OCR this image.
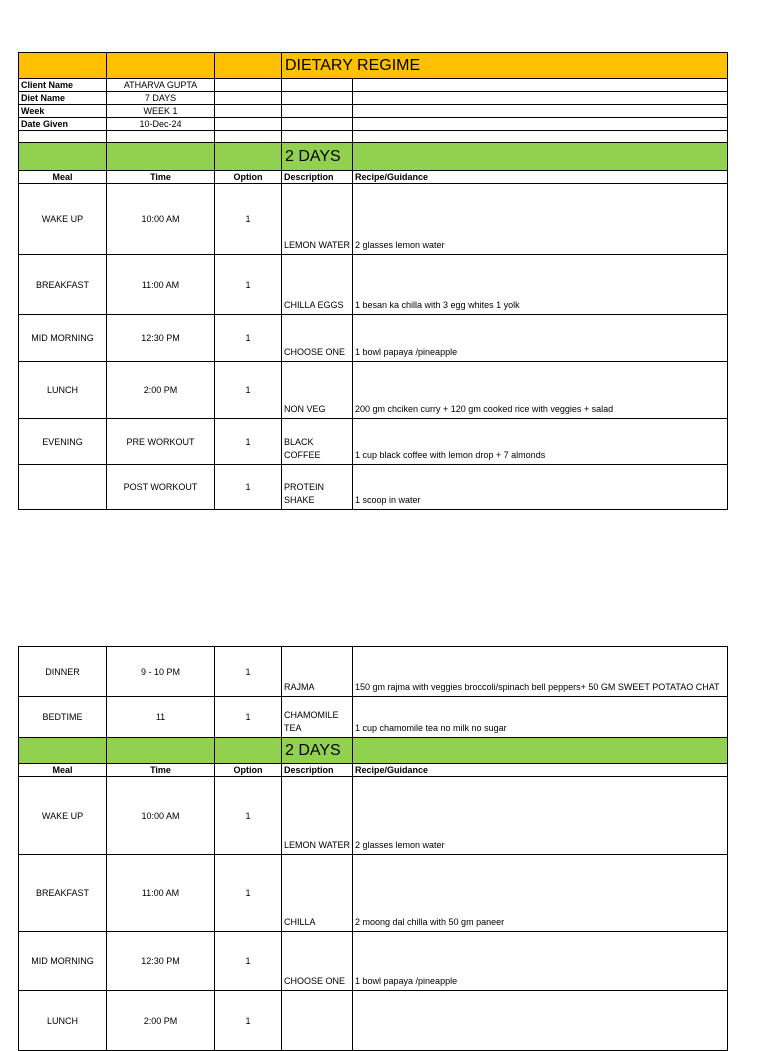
			DIETARY REGIME	
Client Name	ATHARVA GUPTA			
Diet Name	7 DAYS			
Week	WEEK 1			
Date Given	10-Dec-24			

			2 DAYS	
Meal	Time	Option	Description	Recipe/Guidance
WAKE UP	10:00 AM	1	LEMON WATER	2 glasses lemon water
BREAKFAST	11:00 AM	1	CHILLA EGGS	1 besan ka chilla with 3 egg whites 1 yolk
MID MORNING	12:30 PM	1	CHOOSE ONE	1 bowl papaya /pineapple
LUNCH	2:00 PM	1	NON VEG	200 gm chciken curry + 120 gm cooked rice with veggies + salad
EVENING	PRE WORKOUT	1	BLACK COFFEE	1 cup black coffee with lemon drop + 7 almonds
	POST WORKOUT	1	PROTEIN SHAKE	1 scoop in water
DINNER	9 - 10 PM	1	RAJMA	150 gm rajma with veggies broccoli/spinach bell peppers+ 50 GM SWEET POTATAO CHAT
BEDTIME	11	1	CHAMOMILE TEA	1 cup chamomile tea no milk no sugar
			2 DAYS	
Meal	Time	Option	Description	Recipe/Guidance
WAKE UP	10:00 AM	1	LEMON WATER	2 glasses lemon water
BREAKFAST	11:00 AM	1	CHILLA	2 moong dal chilla with 50 gm paneer
MID MORNING	12:30 PM	1	CHOOSE ONE	1 bowl papaya /pineapple
LUNCH	2:00 PM	1		
